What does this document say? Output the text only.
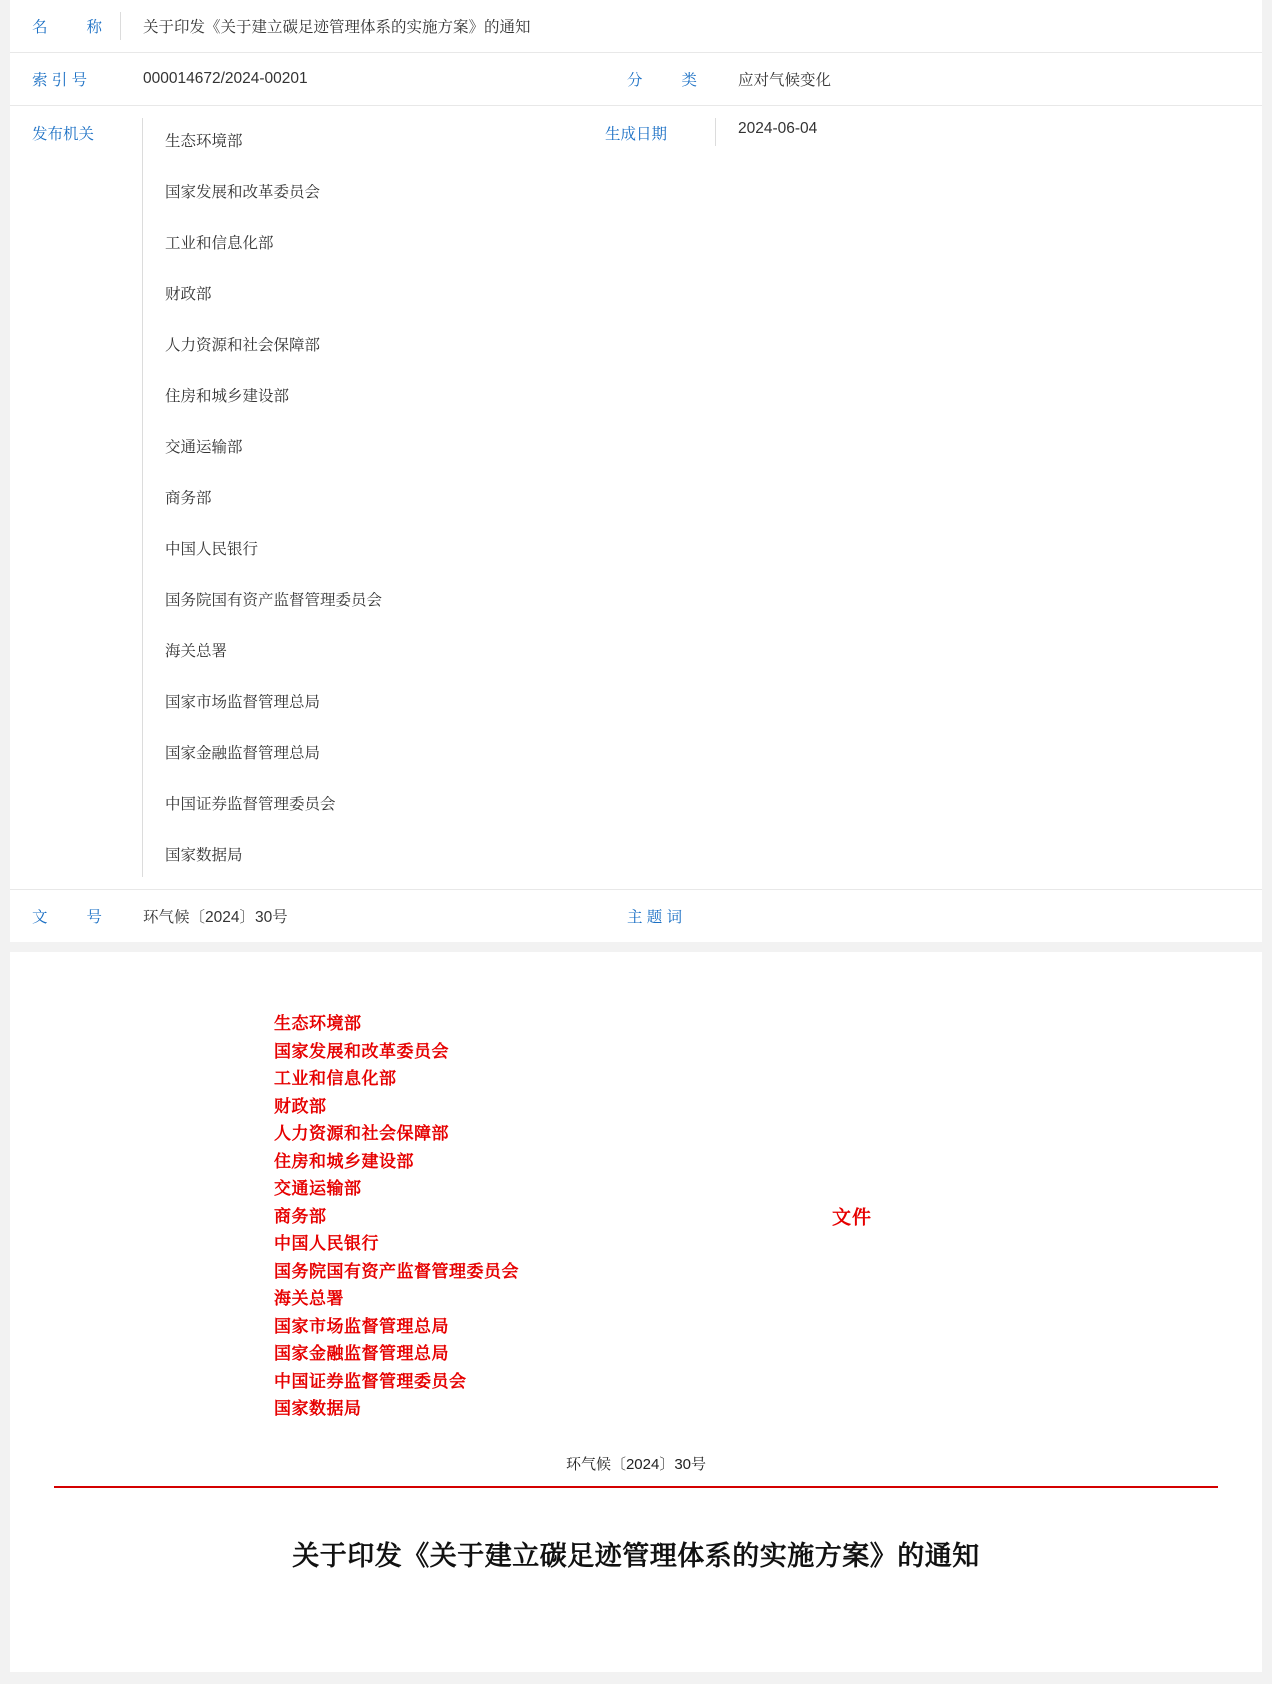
名	称	关于印发《关于建立碳足迹管理体系的实施方案》的通知
索 引 号	000014672/2024-00201	分	类	应对气候变化
发布机关	生态环境部
国家发展和改革委员会
工业和信息化部
财政部
人力资源和社会保障部
住房和城乡建设部
交通运输部
商务部
中国人民银行
国务院国有资产监督管理委员会
海关总署
国家市场监督管理总局
国家金融监督管理总局
中国证券监督管理委员会
国家数据局
生成日期	2024-06-04
文	号	环气候〔2024〕30号	主 题 词
生态环境部
国家发展和改革委员会
工业和信息化部
财政部
人力资源和社会保障部
住房和城乡建设部
交通运输部
商务部
中国人民银行
国务院国有资产监督管理委员会
海关总署
国家市场监督管理总局
国家金融监督管理总局
中国证券监督管理委员会
国家数据局
文件
环气候〔2024〕30号
关于印发《关于建立碳足迹管理体系的实施方案》的通知
